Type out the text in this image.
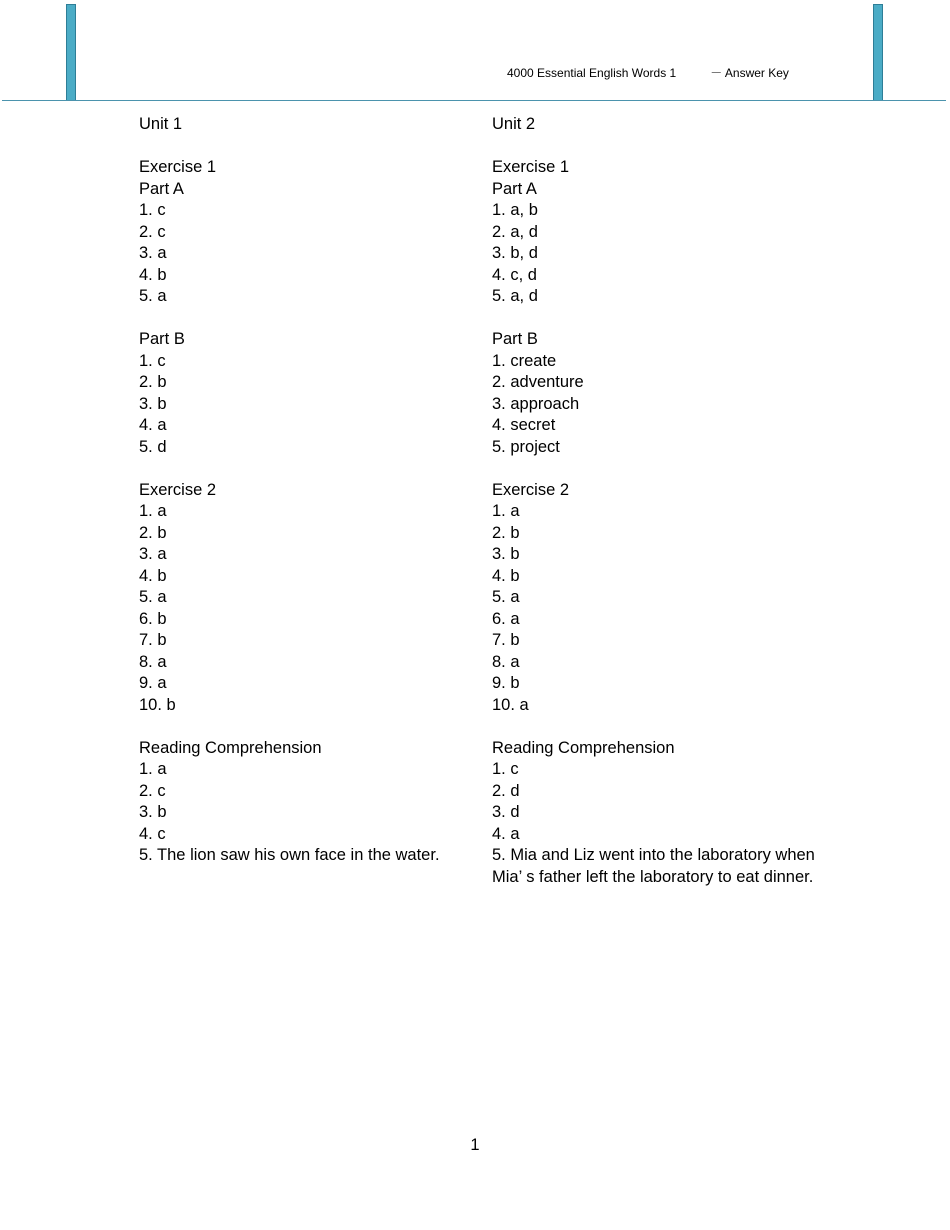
4000 Essential English Words 1	－ Answer Key
Unit 1
Exercise 1
Part A
1. c
2. c
3. a
4. b
5. a
Part B
1. c
2. b
3. b
4. a
5. d
Exercise 2
1. a
2. b
3. a
4. b
5. a
6. b
7. b
8. a
9. a
10. b
Reading Comprehension
1. a
2. c
3. b
4. c
5. The lion saw his own face in the water.
Unit 2
Exercise 1
Part A
1. a, b
2. a, d
3. b, d
4. c, d
5. a, d
Part B
1. create
2. adventure
3. approach
4. secret
5. project
Exercise 2
1. a
2. b
3. b
4. b
5. a
6. a
7. b
8. a
9. b
10. a
Reading Comprehension
1. c
2. d
3. d
4. a
5. Mia and Liz went into the laboratory when Mia’ s father left the laboratory to eat dinner.
1
